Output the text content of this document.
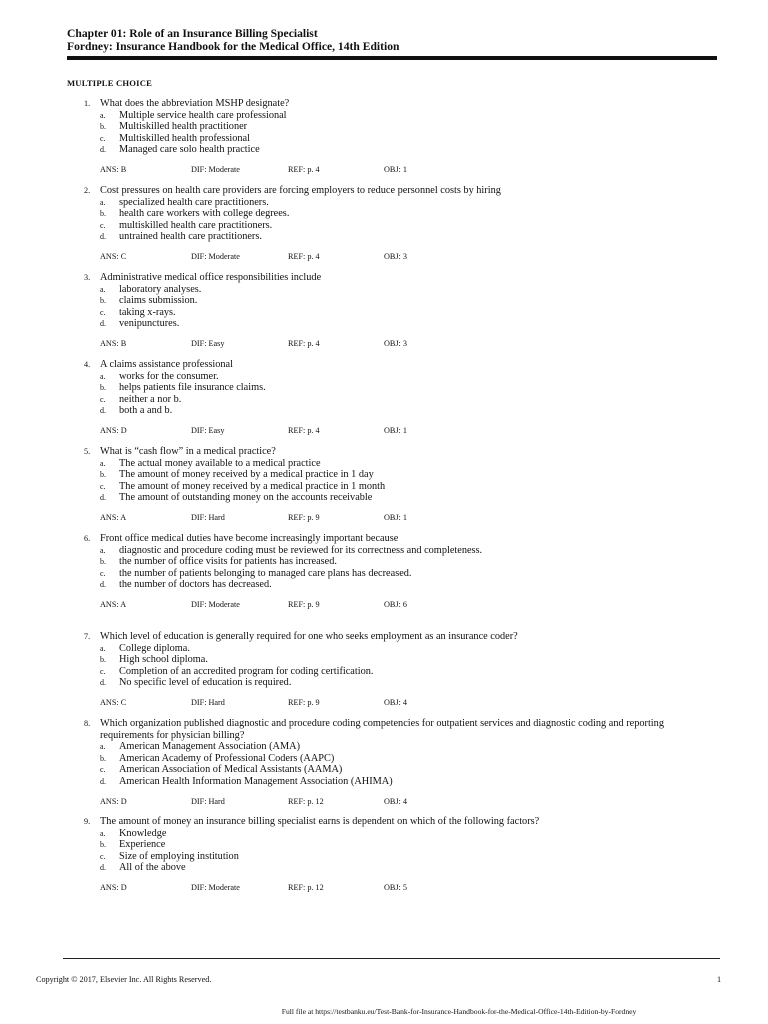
Chapter 01: Role of an Insurance Billing Specialist
Fordney: Insurance Handbook for the Medical Office, 14th Edition
MULTIPLE CHOICE
1. What does the abbreviation MSHP designate?
a.	Multiple service health care professional
b.	Multiskilled health practitioner
c.	Multiskilled health professional
d.	Managed care solo health practice
ANS: B	DIF: Moderate	REF: p. 4	OBJ: 1
2. Cost pressures on health care providers are forcing employers to reduce personnel costs by hiring
a.	specialized health care practitioners.
b.	health care workers with college degrees.
c.	multiskilled health care practitioners.
d.	untrained health care practitioners.
ANS: C	DIF: Moderate	REF: p. 4	OBJ: 3
3. Administrative medical office responsibilities include
a.	laboratory analyses.
b.	claims submission.
c.	taking x-rays.
d.	venipunctures.
ANS: B	DIF: Easy	REF: p. 4	OBJ: 3
4. A claims assistance professional
a.	works for the consumer.
b.	helps patients file insurance claims.
c.	neither a nor b.
d.	both a and b.
ANS: D	DIF: Easy	REF: p. 4	OBJ: 1
5. What is “cash flow” in a medical practice?
a.	The actual money available to a medical practice
b.	The amount of money received by a medical practice in 1 day
c.	The amount of money received by a medical practice in 1 month
d.	The amount of outstanding money on the accounts receivable
ANS: A	DIF: Hard	REF: p. 9	OBJ: 1
6. Front office medical duties have become increasingly important because
a.	diagnostic and procedure coding must be reviewed for its correctness and completeness.
b.	the number of office visits for patients has increased.
c.	the number of patients belonging to managed care plans has decreased.
d.	the number of doctors has decreased.
ANS: A	DIF: Moderate	REF: p. 9	OBJ: 6
7. Which level of education is generally required for one who seeks employment as an insurance coder?
a.	College diploma.
b.	High school diploma.
c.	Completion of an accredited program for coding certification.
d.	No specific level of education is required.
ANS: C	DIF: Hard	REF: p. 9	OBJ: 4
8. Which organization published diagnostic and procedure coding competencies for outpatient services and diagnostic coding and reporting requirements for physician billing?
a.	American Management Association (AMA)
b.	American Academy of Professional Coders (AAPC)
c.	American Association of Medical Assistants (AAMA)
d.	American Health Information Management Association (AHIMA)
ANS: D	DIF: Hard	REF: p. 12	OBJ: 4
9. The amount of money an insurance billing specialist earns is dependent on which of the following factors?
a.	Knowledge
b.	Experience
c.	Size of employing institution
d.	All of the above
ANS: D	DIF: Moderate	REF: p. 12	OBJ: 5
Copyright © 2017, Elsevier Inc. All Rights Reserved.	1
Full file at https://testbanku.eu/Test-Bank-for-Insurance-Handbook-for-the-Medical-Office-14th-Edition-by-Fordney
